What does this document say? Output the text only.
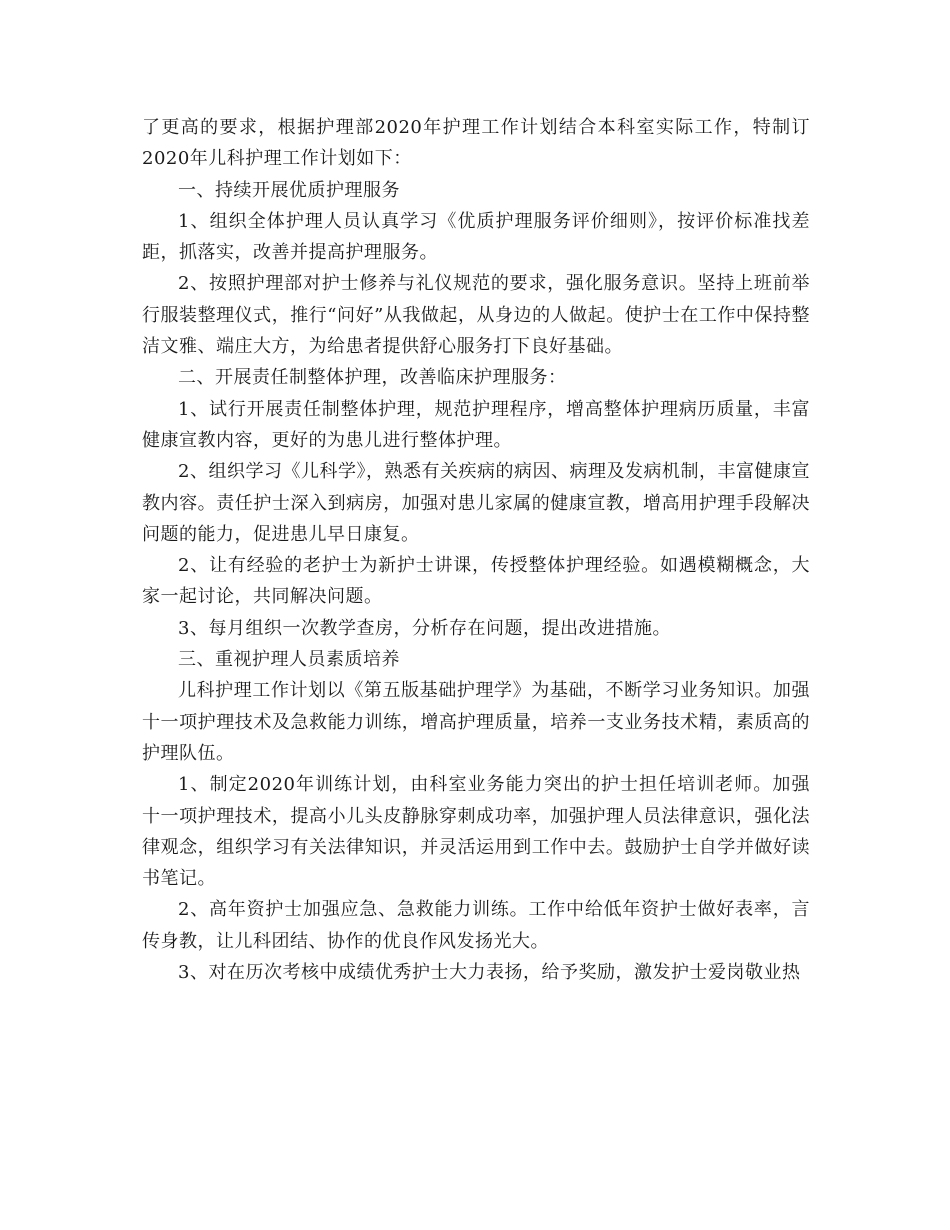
了更高的要求，根据护理部2020年护理工作计划结合本科室实际工作，特制订2020年儿科护理工作计划如下：

一、持续开展优质护理服务

1、组织全体护理人员认真学习《优质护理服务评价细则》，按评价标准找差距，抓落实，改善并提高护理服务。

2、按照护理部对护士修养与礼仪规范的要求，强化服务意识。坚持上班前举行服装整理仪式，推行“问好”从我做起，从身边的人做起。使护士在工作中保持整洁文雅、端庄大方，为给患者提供舒心服务打下良好基础。

二、开展责任制整体护理，改善临床护理服务：

1、试行开展责任制整体护理，规范护理程序，增高整体护理病历质量，丰富健康宣教内容，更好的为患儿进行整体护理。

2、组织学习《儿科学》，熟悉有关疾病的病因、病理及发病机制，丰富健康宣教内容。责任护士深入到病房，加强对患儿家属的健康宣教，增高用护理手段解决问题的能力，促进患儿早日康复。

2、让有经验的老护士为新护士讲课，传授整体护理经验。如遇模糊概念，大家一起讨论，共同解决问题。

3、每月组织一次教学查房，分析存在问题，提出改进措施。

三、重视护理人员素质培养

儿科护理工作计划以《第五版基础护理学》为基础，不断学习业务知识。加强十一项护理技术及急救能力训练，增高护理质量，培养一支业务技术精，素质高的护理队伍。

1、制定2020年训练计划，由科室业务能力突出的护士担任培训老师。加强十一项护理技术，提高小儿头皮静脉穿刺成功率，加强护理人员法律意识，强化法律观念，组织学习有关法律知识，并灵活运用到工作中去。鼓励护士自学并做好读书笔记。

2、高年资护士加强应急、急救能力训练。工作中给低年资护士做好表率，言传身教，让儿科团结、协作的优良作风发扬光大。

3、对在历次考核中成绩优秀护士大力表扬，给予奖励，激发护士爱岗敬业热
